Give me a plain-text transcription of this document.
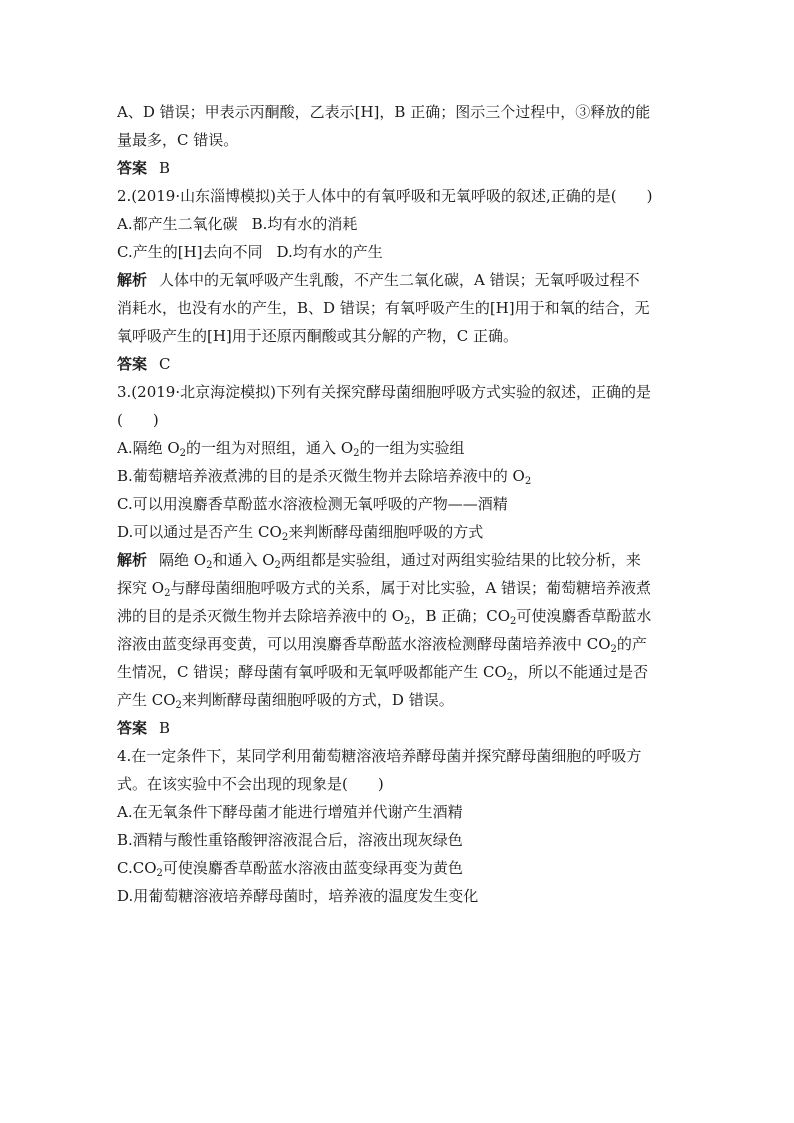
A、D 错误；甲表示丙酮酸，乙表示[H]，B 正确；图示三个过程中，③释放的能
量最多，C 错误。
答案 B
2.(2019·山东淄博模拟)关于人体中的有氧呼吸和无氧呼吸的叙述,正确的是(　　)
A.都产生二氧化碳 B.均有水的消耗
C.产生的[H]去向不同 D.均有水的产生
解析 人体中的无氧呼吸产生乳酸，不产生二氧化碳，A 错误；无氧呼吸过程不
消耗水，也没有水的产生，B、D 错误；有氧呼吸产生的[H]用于和氧的结合，无
氧呼吸产生的[H]用于还原丙酮酸或其分解的产物，C 正确。
答案 C
3.(2019·北京海淀模拟)下列有关探究酵母菌细胞呼吸方式实验的叙述，正确的是
(　　)
A.隔绝 $O_2$的一组为对照组，通入 $O_2$的一组为实验组
B.葡萄糖培养液煮沸的目的是杀灭微生物并去除培养液中的 $O_2$
C.可以用溴麝香草酚蓝水溶液检测无氧呼吸的产物——酒精
D.可以通过是否产生 $CO_2$来判断酵母菌细胞呼吸的方式
解析 隔绝 $O_2$和通入 $O_2$两组都是实验组，通过对两组实验结果的比较分析，来
探究 $O_2$与酵母菌细胞呼吸方式的关系，属于对比实验，A 错误；葡萄糖培养液煮
沸的目的是杀灭微生物并去除培养液中的 $O_2$，B 正确；$CO_2$可使溴麝香草酚蓝水
溶液由蓝变绿再变黄，可以用溴麝香草酚蓝水溶液检测酵母菌培养液中 $CO_2$的产
生情况，C 错误；酵母菌有氧呼吸和无氧呼吸都能产生 $CO_2$，所以不能通过是否
产生 $CO_2$来判断酵母菌细胞呼吸的方式，D 错误。
答案 B
4.在一定条件下，某同学利用葡萄糖溶液培养酵母菌并探究酵母菌细胞的呼吸方
式。在该实验中不会出现的现象是(　　)
A.在无氧条件下酵母菌才能进行增殖并代谢产生酒精
B.酒精与酸性重铬酸钾溶液混合后，溶液出现灰绿色
$C.CO_2$可使溴麝香草酚蓝水溶液由蓝变绿再变为黄色
D.用葡萄糖溶液培养酵母菌时，培养液的温度发生变化
